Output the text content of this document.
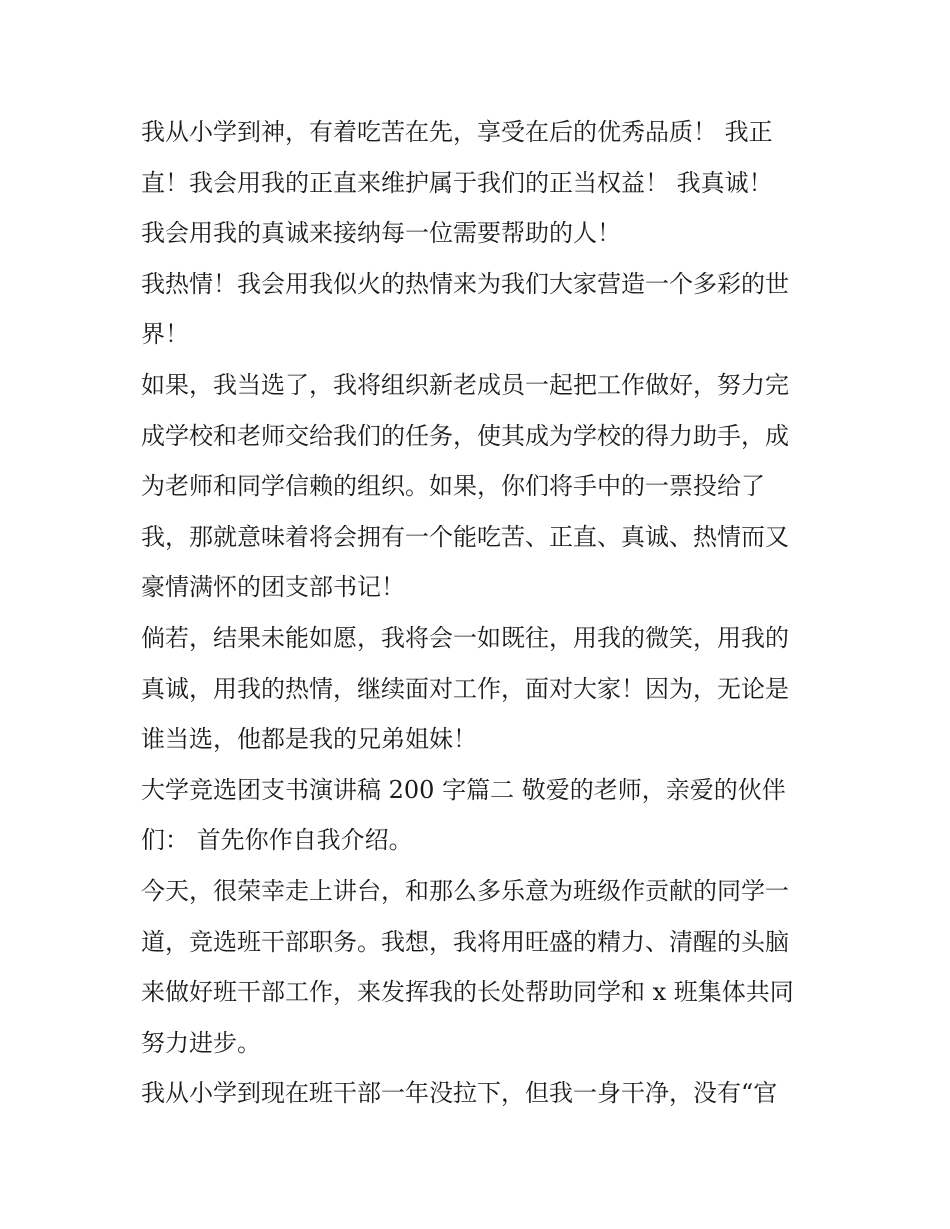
我从小学到神，有着吃苦在先，享受在后的优秀品质！ 我正
直！我会用我的正直来维护属于我们的正当权益！ 我真诚！
我会用我的真诚来接纳每一位需要帮助的人！
我热情！我会用我似火的热情来为我们大家营造一个多彩的世
界！
如果，我当选了，我将组织新老成员一起把工作做好，努力完
成学校和老师交给我们的任务，使其成为学校的得力助手，成
为老师和同学信赖的组织。如果，你们将手中的一票投给了
我，那就意味着将会拥有一个能吃苦、正直、真诚、热情而又
豪情满怀的团支部书记！
倘若，结果未能如愿，我将会一如既往，用我的微笑，用我的
真诚，用我的热情，继续面对工作，面对大家！因为，无论是
谁当选，他都是我的兄弟姐妹！
大学竞选团支书演讲稿 200 字篇二 敬爱的老师，亲爱的伙伴
们： 首先你作自我介绍。
今天，很荣幸走上讲台，和那么多乐意为班级作贡献的同学一
道，竞选班干部职务。我想，我将用旺盛的精力、清醒的头脑
来做好班干部工作，来发挥我的长处帮助同学和 x 班集体共同
努力进步。
我从小学到现在班干部一年没拉下，但我一身干净，没有“官
